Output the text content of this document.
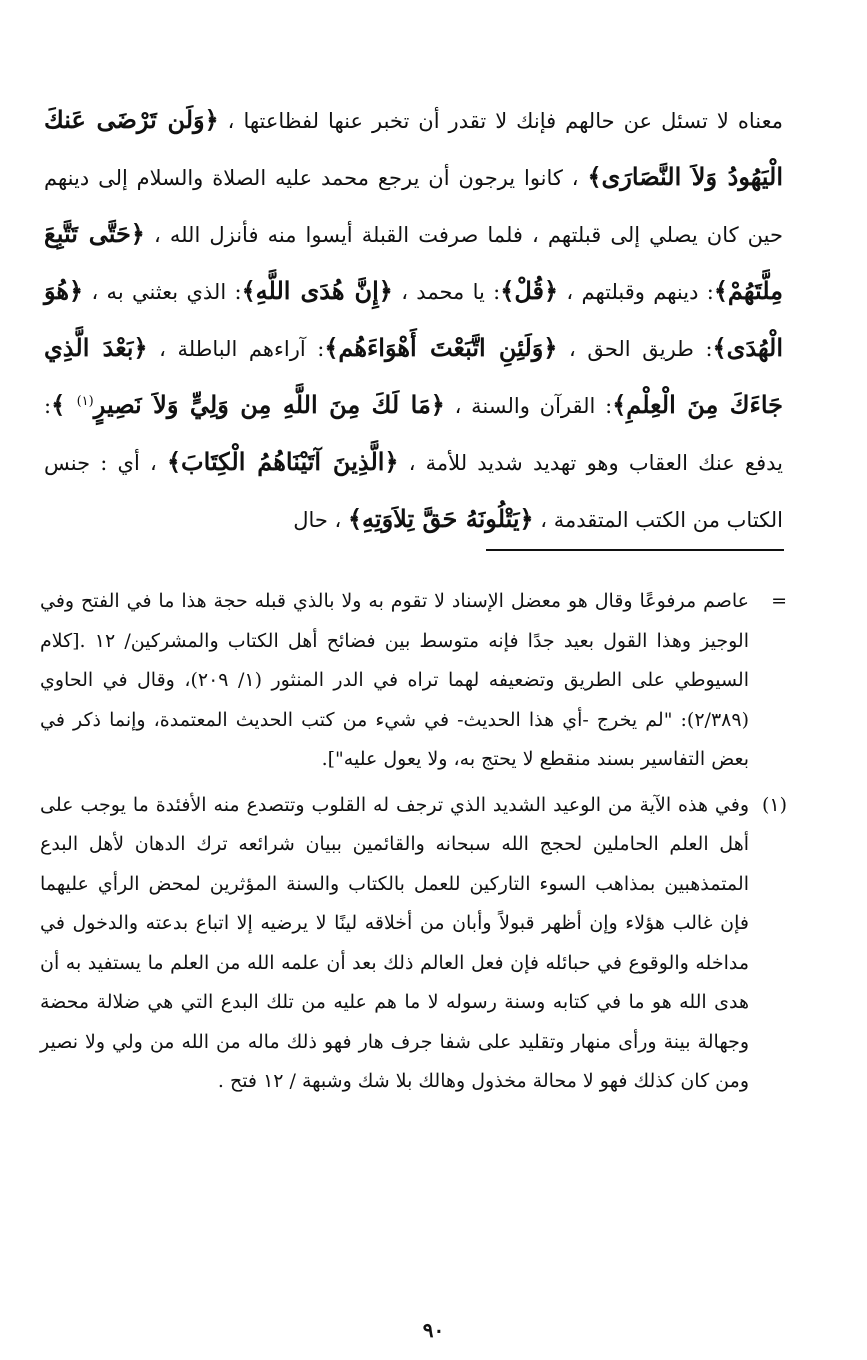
معناه لا تسئل عن حالهم فإنك لا تقدر أن تخبر عنها لفظاعتها ، ﴿وَلَن تَرْضَى عَنكَ الْيَهُودُ وَلاَ النَّصَارَى﴾ ، كانوا يرجون أن يرجع محمد عليه الصلاة والسلام إلى دينهم حين كان يصلي إلى قبلتهم ، فلما صرفت القبلة أيسوا منه فأنزل الله ، ﴿حَتَّى تَتَّبِعَ مِلَّتَهُمْ﴾: دينهم وقبلتهم ، ﴿قُلْ﴾: يا محمد ، ﴿إِنَّ هُدَى اللَّهِ﴾: الذي بعثني به ، ﴿هُوَ الْهُدَى﴾: طريق الحق ، ﴿وَلَئِنِ اتَّبَعْتَ أَهْوَاءَهُم﴾: آراءهم الباطلة ، ﴿بَعْدَ الَّذِي جَاءَكَ مِنَ الْعِلْمِ﴾: القرآن والسنة ، ﴿مَا لَكَ مِنَ اللَّهِ مِن وَلِيٍّ وَلاَ نَصِيرٍ$^{(١)}$ ﴾: يدفع عنك العقاب وهو تهديد شديد للأمة ، ﴿الَّذِينَ آتَيْنَاهُمُ الْكِتَابَ﴾ ، أي : جنس الكتاب من الكتب المتقدمة ، ﴿يَتْلُونَهُ حَقَّ تِلاَوَتِهِ﴾ ، حال

=
عاصم مرفوعًا وقال هو معضل الإسناد لا تقوم به ولا بالذي قبله حجة هذا ما في الفتح وفي الوجيز وهذا القول بعيد جدًا فإنه متوسط بين فضائح أهل الكتاب والمشركين/ ١٢ .[كلام السيوطي على الطريق وتضعيفه لهما تراه في الدر المنثور (١/ ٢٠٩)، وقال في الحاوي (٢/٣٨٩): "لم يخرج -أي هذا الحديث- في شيء من كتب الحديث المعتمدة، وإنما ذكر في بعض التفاسير بسند منقطع لا يحتج به، ولا يعول عليه"].

(١)
وفي هذه الآية من الوعيد الشديد الذي ترجف له القلوب وتتصدع منه الأفئدة ما يوجب على أهل العلم الحاملين لحجج الله سبحانه والقائمين ببيان شرائعه ترك الدهان لأهل البدع المتمذهبين بمذاهب السوء التاركين للعمل بالكتاب والسنة المؤثرين لمحض الرأي عليهما فإن غالب هؤلاء وإن أظهر قبولاً وأبان من أخلاقه لينًا لا يرضيه إلا اتباع بدعته والدخول في مداخله والوقوع في حبائله فإن فعل العالم ذلك بعد أن علمه الله من العلم ما يستفيد به أن هدى الله هو ما في كتابه وسنة رسوله لا ما هم عليه من تلك البدع التي هي ضلالة محضة وجهالة بينة ورأى منهار وتقليد على شفا جرف هار فهو ذلك ماله من الله من ولي ولا نصير ومن كان كذلك فهو لا محالة مخذول وهالك بلا شك وشبهة / ١٢ فتح .

٩٠
